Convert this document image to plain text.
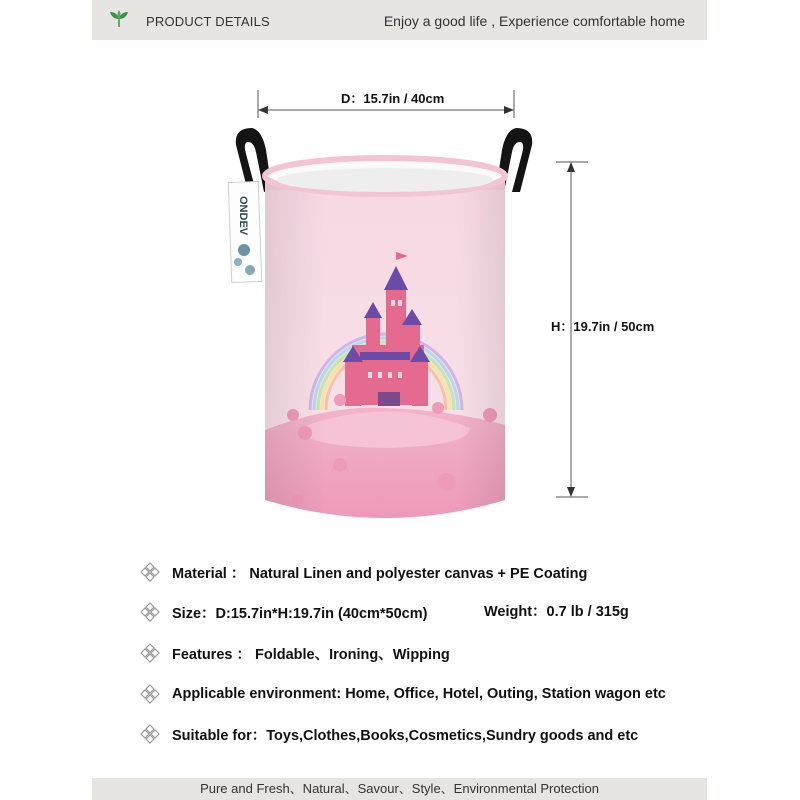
PRODUCT DETAILS	Enjoy a good life , Experience comfortable home
ONDEV
D：15.7in / 40cm
H：19.7in / 50cm
Material ： Natural Linen and polyester canvas + PE Coating
Size：D:15.7in*H:19.7in (40cm*50cm)	Weight：0.7 lb / 315g
Features ： Foldable、Ironing、Wipping
Applicable environment: Home, Office, Hotel, Outing, Station wagon etc
Suitable for：Toys,Clothes,Books,Cosmetics,Sundry goods and etc
Pure and Fresh、Natural、Savour、Style、Environmental Protection
